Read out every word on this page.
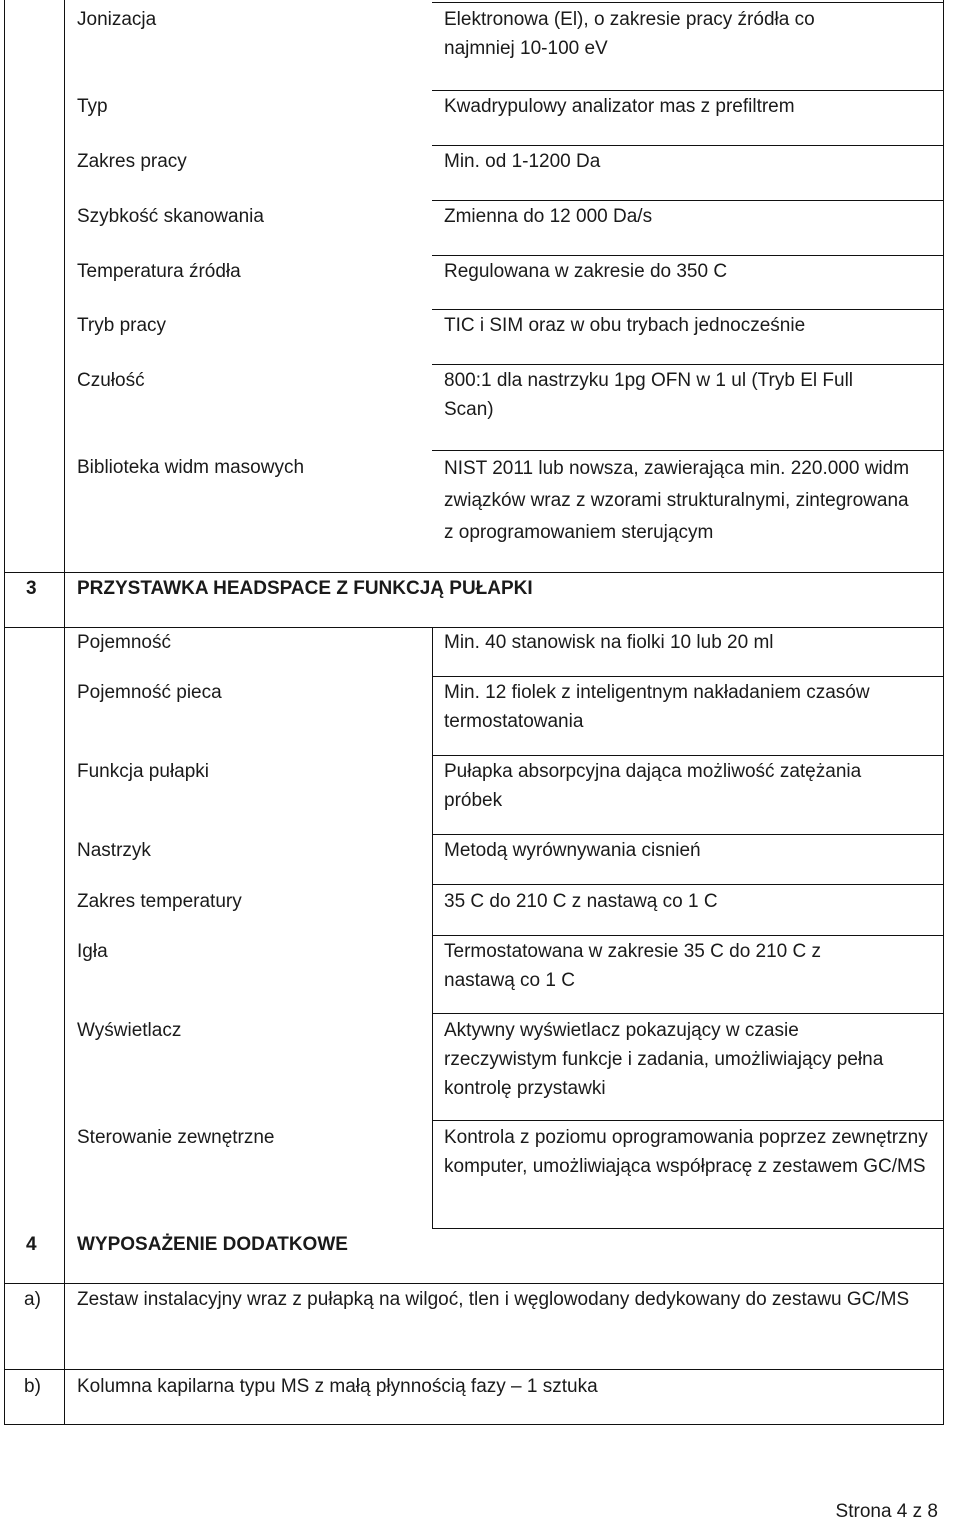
Jonizacja	Elektronowa (El), o zakresie pracy źródła co najmniej 10-100 eV
Typ	Kwadrypulowy analizator mas z prefiltrem
Zakres pracy	Min. od 1-1200 Da
Szybkość skanowania	Zmienna do 12 000 Da/s
Temperatura źródła	Regulowana w zakresie do 350 C
Tryb pracy	TIC i SIM oraz w obu trybach jednocześnie
Czułość	800:1 dla nastrzyku 1pg OFN w 1 ul (Tryb El Full Scan)
Biblioteka widm masowych	NIST 2011 lub nowsza, zawierająca min. 220.000 widm związków wraz z wzorami strukturalnymi, zintegrowana z oprogramowaniem sterującym
3	PRZYSTAWKA HEADSPACE Z FUNKCJĄ PUŁAPKI
Pojemność	Min. 40 stanowisk na fiolki 10 lub 20 ml
Pojemność pieca	Min. 12 fiolek z inteligentnym nakładaniem czasów termostatowania
Funkcja pułapki	Pułapka absorpcyjna dająca możliwość zatężania próbek
Nastrzyk	Metodą wyrównywania cisnień
Zakres temperatury	35 C do 210 C z nastawą co 1 C
Igła	Termostatowana w zakresie 35 C do 210 C z nastawą co 1 C
Wyświetlacz	Aktywny wyświetlacz pokazujący w czasie rzeczywistym funkcje i zadania, umożliwiający pełna kontrolę przystawki
Sterowanie zewnętrzne	Kontrola z poziomu oprogramowania poprzez zewnętrzny komputer, umożliwiająca współpracę z zestawem GC/MS
4	WYPOSAŻENIE DODATKOWE
a)	Zestaw instalacyjny wraz z pułapką na wilgoć, tlen i węglowodany dedykowany do zestawu GC/MS
b)	Kolumna kapilarna typu MS z małą płynnością fazy – 1 sztuka
Strona 4 z 8
